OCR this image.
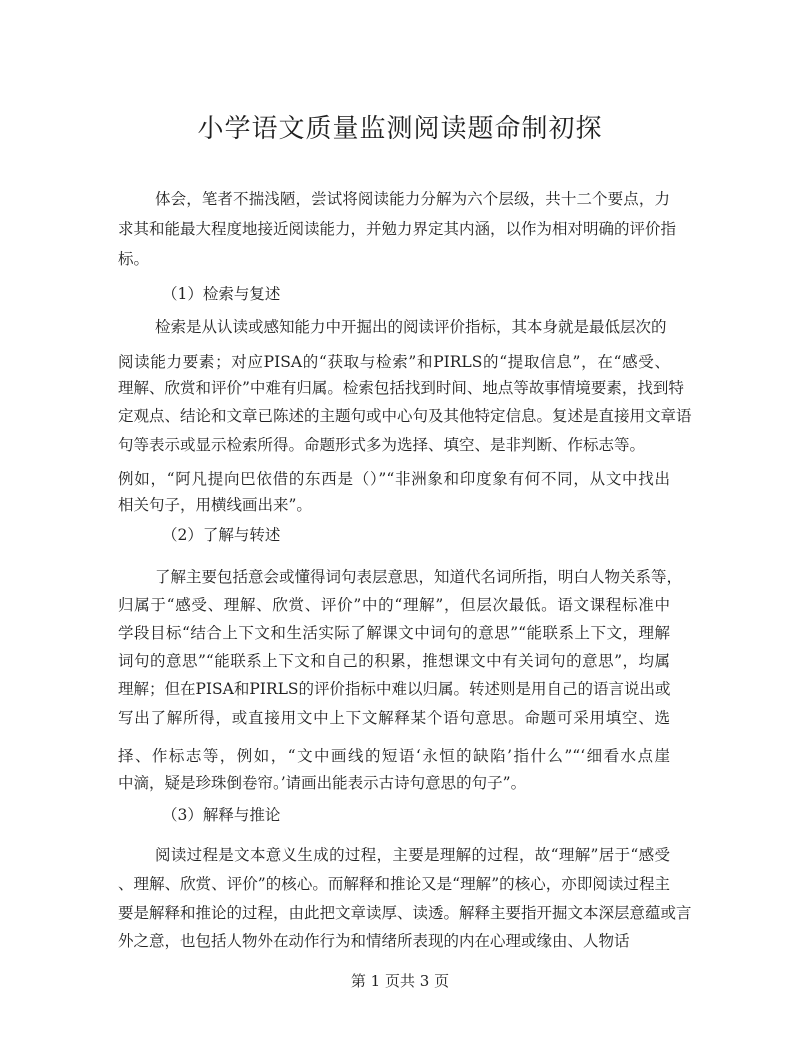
小学语文质量监测阅读题命制初探
体会，笔者不揣浅陋，尝试将阅读能力分解为六个层级，共十二个要点，力
求其和能最大程度地接近阅读能力，并勉力界定其内涵，以作为相对明确的评价指
标。
（1）检索与复述
检索是从认读或感知能力中开掘出的阅读评价指标，其本身就是最低层次的
阅读能力要素；对应PISA的“获取与检索”和PIRLS的“提取信息”，在“感受、
理解、欣赏和评价”中难有归属。检索包括找到时间、地点等故事情境要素，找到特
定观点、结论和文章已陈述的主题句或中心句及其他特定信息。复述是直接用文章语
句等表示或显示检索所得。命题形式多为选择、填空、是非判断、作标志等。
例如，“阿凡提向巴依借的东西是（）”“非洲象和印度象有何不同，从文中找出
相关句子，用横线画出来”。
（2）了解与转述
了解主要包括意会或懂得词句表层意思，知道代名词所指，明白人物关系等，
归属于“感受、理解、欣赏、评价”中的“理解”，但层次最低。语文课程标准中
学段目标“结合上下文和生活实际了解课文中词句的意思”“能联系上下文，理解
词句的意思”“能联系上下文和自己的积累，推想课文中有关词句的意思”，均属
理解；但在PISA和PIRLS的评价指标中难以归属。转述则是用自己的语言说出或
写出了解所得，或直接用文中上下文解释某个语句意思。命题可采用填空、选
择、作标志等，例如，“文中画线的短语‘永恒的缺陷’指什么”“‘细看水点崖
中滴，疑是珍珠倒卷帘。’请画出能表示古诗句意思的句子”。
（3）解释与推论
阅读过程是文本意义生成的过程，主要是理解的过程，故“理解”居于“感受
、理解、欣赏、评价”的核心。而解释和推论又是“理解”的核心，亦即阅读过程主
要是解释和推论的过程，由此把文章读厚、读透。解释主要指开掘文本深层意蕴或言
外之意，也包括人物外在动作行为和情绪所表现的内在心理或缘由、人物话
第 1 页共 3 页
